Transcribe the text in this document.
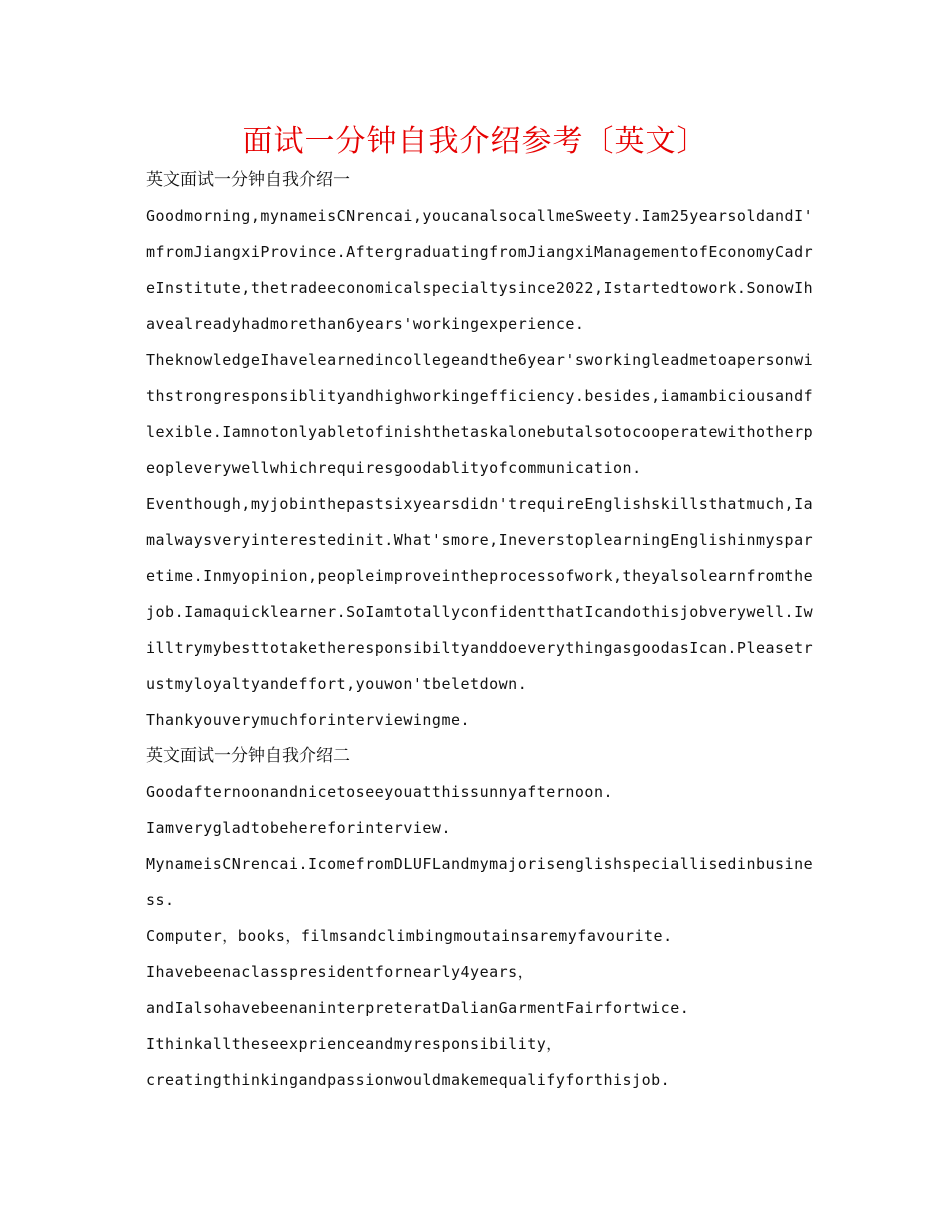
面试一分钟自我介绍参考〔英文〕
英文面试一分钟自我介绍一
Goodmorning,mynameisCNrencai,youcanalsocallmeSweety.Iam25yearsoldandI'
mfromJiangxiProvince.AftergraduatingfromJiangxiManagementofEconomyCadr
eInstitute,thetradeeconomicalspecialtysince2022,Istartedtowork.SonowIh
avealreadyhadmorethan6years'workingexperience.
TheknowledgeIhavelearnedincollegeandthe6year'sworkingleadmetoapersonwi
thstrongresponsiblityandhighworkingefficiency.besides,iamambiciousandf
lexible.Iamnotonlyabletofinishthetaskalonebutalsotocooperatewithotherp
eopleverywellwhichrequiresgoodablityofcommunication.
Eventhough,myjobinthepastsixyearsdidn'trequireEnglishskillsthatmuch,Ia
malwaysveryinterestedinit.What'smore,IneverstoplearningEnglishinmyspar
etime.Inmyopinion,peopleimproveintheprocessofwork,theyalsolearnfromthe
job.Iamaquicklearner.SoIamtotallyconfidentthatIcandothisjobverywell.Iw
illtrymybesttotaketheresponsibiltyanddoeverythingasgoodasIcan.Pleasetr
ustmyloyaltyandeffort,youwon'tbeletdown.
Thankyouverymuchforinterviewingme.
英文面试一分钟自我介绍二
Goodafternoonandnicetoseeyouatthissunnyafternoon.
Iamverygladtobehereforinterview.
MynameisCNrencai.IcomefromDLUFLandmymajorisenglishspeciallisedinbusine
ss.
Computer，books，filmsandclimbingmoutainsaremyfavourite.
Ihavebeenaclasspresidentfornearly4years，
andIalsohavebeenaninterpreteratDalianGarmentFairfortwice.
Ithinkalltheseexprienceandmyresponsibility，
creatingthinkingandpassionwouldmakemequalifyforthisjob.
